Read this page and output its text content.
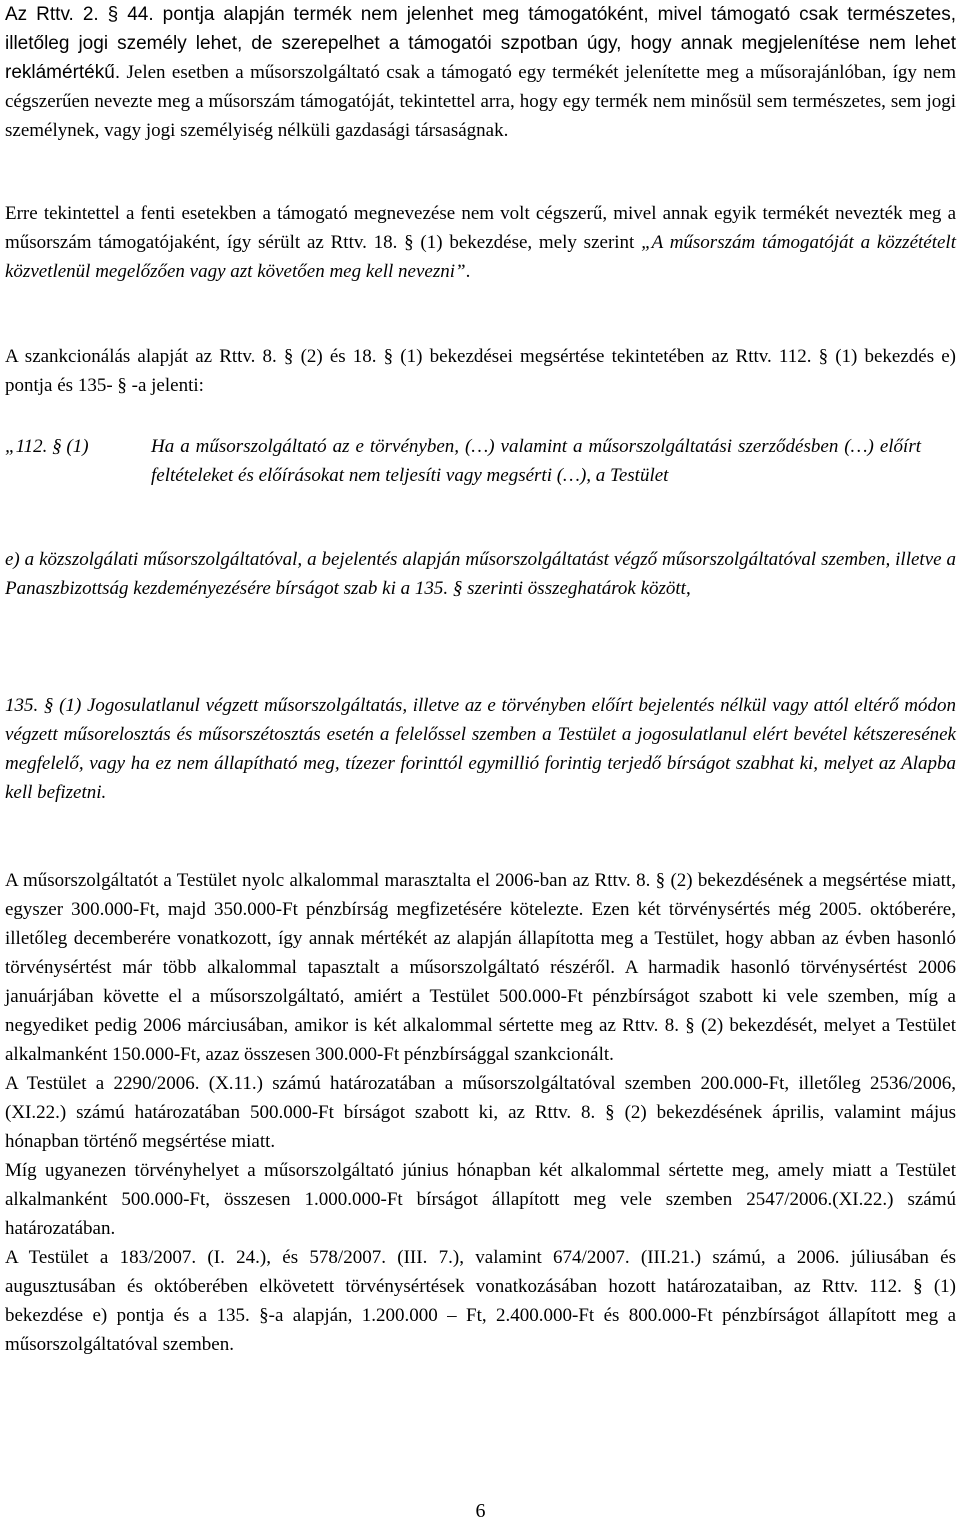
Az Rttv. 2. § 44. pontja alapján termék nem jelenhet meg támogatóként, mivel támogató csak természetes, illetőleg jogi személy lehet, de szerepelhet a támogatói szpotban úgy, hogy annak megjelenítése nem lehet reklámértékű. Jelen esetben a műsorszolgáltató csak a támogató egy termékét jelenítette meg a műsorajánlóban, így nem cégszerűen nevezte meg a műsorszám támogatóját, tekintettel arra, hogy egy termék nem minősül sem természetes, sem jogi személynek, vagy jogi személyiség nélküli gazdasági társaságnak.

Erre tekintettel a fenti esetekben a támogató megnevezése nem volt cégszerű, mivel annak egyik termékét nevezték meg a műsorszám támogatójaként, így sérült az Rttv. 18. § (1) bekezdése, mely szerint „A műsorszám támogatóját a közzétételt közvetlenül megelőzően vagy azt követően meg kell nevezni”.

A szankcionálás alapját az Rttv. 8. § (2) és 18. § (1) bekezdései megsértése tekintetében az Rttv. 112. § (1) bekezdés e) pontja és 135- § -a jelenti:

„112. § (1)	Ha a műsorszolgáltató az e törvényben, (…) valamint a műsorszolgáltatási szerződésben (…) előírt feltételeket és előírásokat nem teljesíti vagy megsérti (…), a Testület

e) a közszolgálati műsorszolgáltatóval, a bejelentés alapján műsorszolgáltatást végző műsorszolgáltatóval szemben, illetve a Panaszbizottság kezdeményezésére bírságot szab ki a 135. § szerinti összeghatárok között,

135. § (1) Jogosulatlanul végzett műsorszolgáltatás, illetve az e törvényben előírt bejelentés nélkül vagy attól eltérő módon végzett műsorelosztás és műsorszétosztás esetén a felelőssel szemben a Testület a jogosulatlanul elért bevétel kétszeresének megfelelő, vagy ha ez nem állapítható meg, tízezer forinttól egymillió forintig terjedő bírságot szabhat ki, melyet az Alapba kell befizetni.

A műsorszolgáltatót a Testület nyolc alkalommal marasztalta el 2006-ban az Rttv. 8. § (2) bekezdésének a megsértése miatt, egyszer 300.000-Ft, majd 350.000-Ft pénzbírság megfizetésére kötelezte. Ezen két törvénysértés még 2005. októberére, illetőleg decemberére vonatkozott, így annak mértékét az alapján állapította meg a Testület, hogy abban az évben hasonló törvénysértést már több alkalommal tapasztalt a műsorszolgáltató részéről. A harmadik hasonló törvénysértést 2006 januárjában követte el a műsorszolgáltató, amiért a Testület 500.000-Ft pénzbírságot szabott ki vele szemben, míg a negyediket pedig 2006 márciusában, amikor is két alkalommal sértette meg az Rttv. 8. § (2) bekezdését, melyet a Testület alkalmanként 150.000-Ft, azaz összesen 300.000-Ft pénzbírsággal szankcionált.

A Testület a 2290/2006. (X.11.) számú határozatában a műsorszolgáltatóval szemben 200.000-Ft, illetőleg 2536/2006, (XI.22.) számú határozatában 500.000-Ft bírságot szabott ki, az Rttv. 8. § (2) bekezdésének április, valamint május hónapban történő megsértése miatt.

Míg ugyanezen törvényhelyet a műsorszolgáltató június hónapban két alkalommal sértette meg, amely miatt a Testület alkalmanként 500.000-Ft, összesen 1.000.000-Ft bírságot állapított meg vele szemben 2547/2006.(XI.22.) számú határozatában.

A Testület a 183/2007. (I. 24.), és 578/2007. (III. 7.), valamint 674/2007. (III.21.) számú, a 2006. júliusában és augusztusában és októberében elkövetett törvénysértések vonatkozásában hozott határozataiban, az Rttv. 112. § (1) bekezdése e) pontja és a 135. §-a alapján, 1.200.000 – Ft, 2.400.000-Ft és 800.000-Ft pénzbírságot állapított meg a műsorszolgáltatóval szemben.

6
